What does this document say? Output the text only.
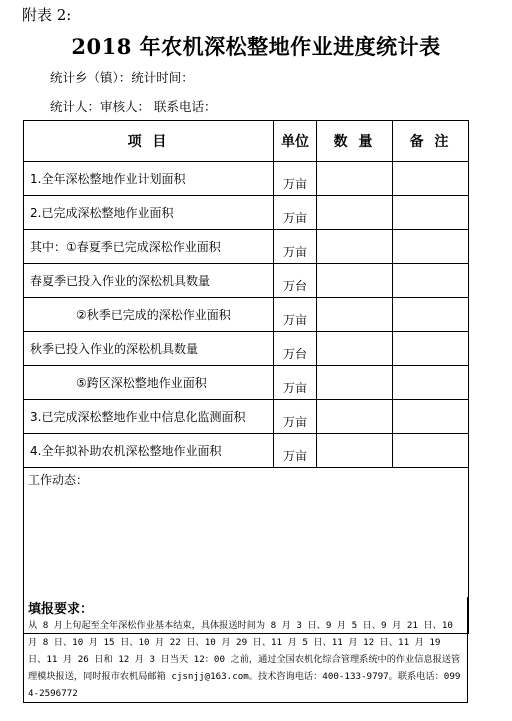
附表 2:
2018 年农机深松整地作业进度统计表
统计乡（镇）：统计时间：
统计人：审核人： 联系电话：
项 目	单位	数 量	备 注
1.全年深松整地作业计划面积	万亩		
2.已完成深松整地作业面积	万亩		
其中：①春夏季已完成深松作业面积	万亩		
春夏季已投入作业的深松机具数量	万台		
②秋季已完成的深松作业面积	万亩		
秋季已投入作业的深松机具数量	万台		
⑤跨区深松整地作业面积	万亩		
3.已完成深松整地作业中信息化监测面积	万亩		
4.全年拟补助农机深松整地作业面积	万亩		
工作动态：			
填报要求：
从 8 月上旬起至全年深松作业基本结束，具体报送时间为 8 月 3 日、9 月 5 日、9 月 21 日、10 月 8 日、10 月 15 日、10 月 22 日、10 月 29 日、11 月 5 日、11 月 12 日、11 月 19 日、11 月 26 日和 12 月 3 日当天 12：00 之前，通过全国农机化综合管理系统中的作业信息报送管理模块报送，同时报市农机局邮箱 cjsnjj@163.com。技术咨询电话：400-133-9797。联系电话：0994-2596772
